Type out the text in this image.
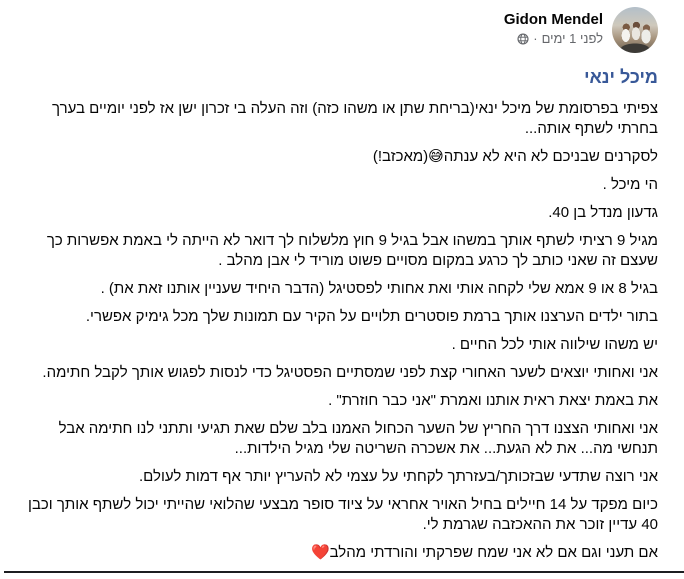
Gidon Mendel
לפני 1 ימים
·
מיכל ינאי

צפיתי בפרסומת של מיכל ינאי(בריחת שתן או משהו כזה) וזה העלה בי זכרון ישן אז לפני יומיים בערך בחרתי לשתף אותה...

לסקרנים שבניכם לא היא לא ענתה😅(מאכזב!)

הי מיכל .

גדעון מנדל בן 40.

מגיל 9 רציתי לשתף אותך במשהו אבל בגיל 9 חוץ מלשלוח לך דואר לא הייתה לי באמת אפשרות כך שעצם זה שאני כותב לך כרגע במקום מסויים פשוט מוריד לי אבן מהלב .

בגיל 8 או 9 אמא שלי לקחה אותי ואת אחותי לפסטיגל (הדבר היחיד שעניין אותנו זאת את) .

בתור ילדים הערצנו אותך ברמת פוסטרים תלויים על הקיר עם תמונות שלך מכל גימיק אפשרי.

יש משהו שילווה אותי לכל החיים .

אני ואחותי יוצאים לשער האחורי קצת לפני שמסתיים הפסטיגל כדי לנסות לפגוש אותך לקבל חתימה.

את באמת יצאת ראית אותנו ואמרת "אני כבר חוזרת" .

אני ואחותי הצצנו דרך החריץ של השער הכחול האמנו בלב שלם שאת תגיעי ותתני לנו חתימה אבל תנחשי מה... את לא הגעת... את אשכרה השריטה שלי מגיל הילדות...

אני רוצה שתדעי שבזכותך/בעזרתך לקחתי על עצמי לא להעריץ יותר אף דמות לעולם.

כיום מפקד על 14 חיילים בחיל האויר אחראי על ציוד סופר מבצעי שהלואי שהייתי יכול לשתף אותך וכבן 40 עדיין זוכר את ההאכזבה שגרמת לי.

אם תעני וגם אם לא אני שמח שפרקתי והורדתי מהלב❤️
